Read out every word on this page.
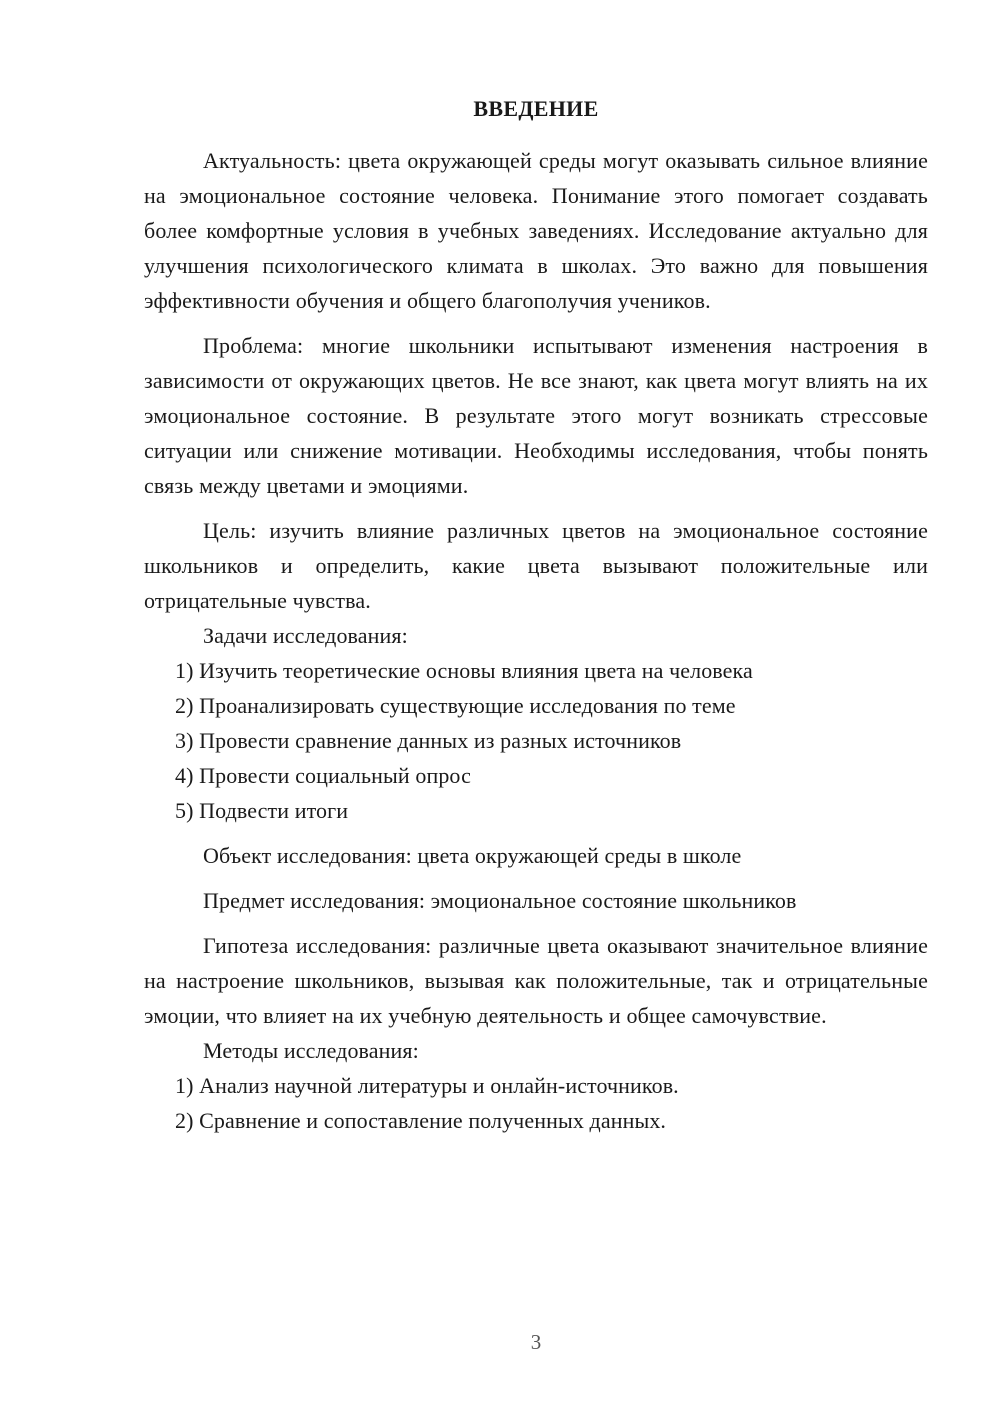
ВВЕДЕНИЕ

Актуальность: цвета окружающей среды могут оказывать сильное влияние на эмоциональное состояние человека. Понимание этого помогает создавать более комфортные условия в учебных заведениях. Исследование актуально для улучшения психологического климата в школах. Это важно для повышения эффективности обучения и общего благополучия учеников.

Проблема: многие школьники испытывают изменения настроения в зависимости от окружающих цветов. Не все знают, как цвета могут влиять на их эмоциональное состояние. В результате этого могут возникать стрессовые ситуации или снижение мотивации. Необходимы исследования, чтобы понять связь между цветами и эмоциями.

Цель: изучить влияние различных цветов на эмоциональное состояние школьников и определить, какие цвета вызывают положительные или отрицательные чувства.

Задачи исследования:

1) Изучить теоретические основы влияния цвета на человека
2) Проанализировать существующие исследования по теме
3) Провести сравнение данных из разных источников
4) Провести социальный опрос
5) Подвести итоги

Объект исследования: цвета окружающей среды в школе

Предмет исследования: эмоциональное состояние школьников

Гипотеза исследования: различные цвета оказывают значительное влияние на настроение школьников, вызывая как положительные, так и отрицательные эмоции, что влияет на их учебную деятельность и общее самочувствие.

Методы исследования:

1) Анализ научной литературы и онлайн-источников.
2) Сравнение и сопоставление полученных данных.
3
